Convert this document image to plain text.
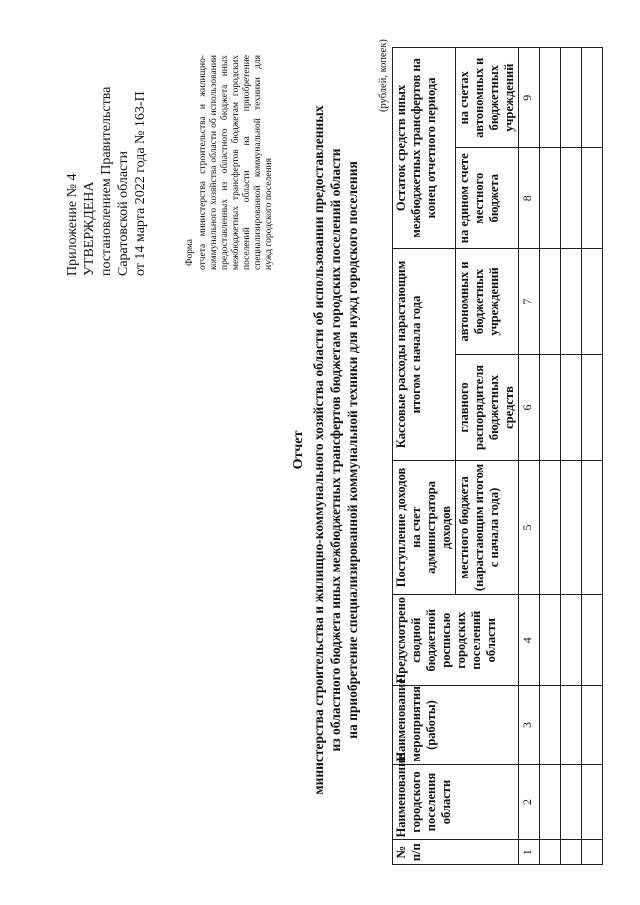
Приложение № 4 УТВЕРЖДЕНА постановлением Правительства Саратовской области от 14 марта 2022 года № 163-П	Форма отчета министерства строительства и жилищно-коммунального хозяйства области об использовании предоставленных из областного бюджета иных межбюджетных трансфертов бюджетам городских поселений области на приобретение специализированной коммунальной техники для нужд городского поселения
Отчет министерства строительства и жилищно-коммунального хозяйства области об использовании предоставленных из областного бюджета иных межбюджетных трансфертов бюджетам городских поселений области на приобретение специализированной коммунальной техники для нужд городского поселения
(рублей, копеек)
№ п/п	Наименование городского поселения области	Наименование мероприятия (работы)	Предусмотрено сводной бюджетной росписью городских поселений области	Поступление доходов на счет администратора доходов	Кассовые расходы нарастающим итогом с начала года		Остаток средств иных межбюджетных трансфертов на конец отчетного периода	
				местного бюджета (нарастающим итогом с начала года)	главного распорядителя бюджетных средств	автономных и бюджетных учреждений	на едином счете местного бюджета	на счетах автономных и бюджетных учреждений
1	2	3	4	5	6	7	8	9
